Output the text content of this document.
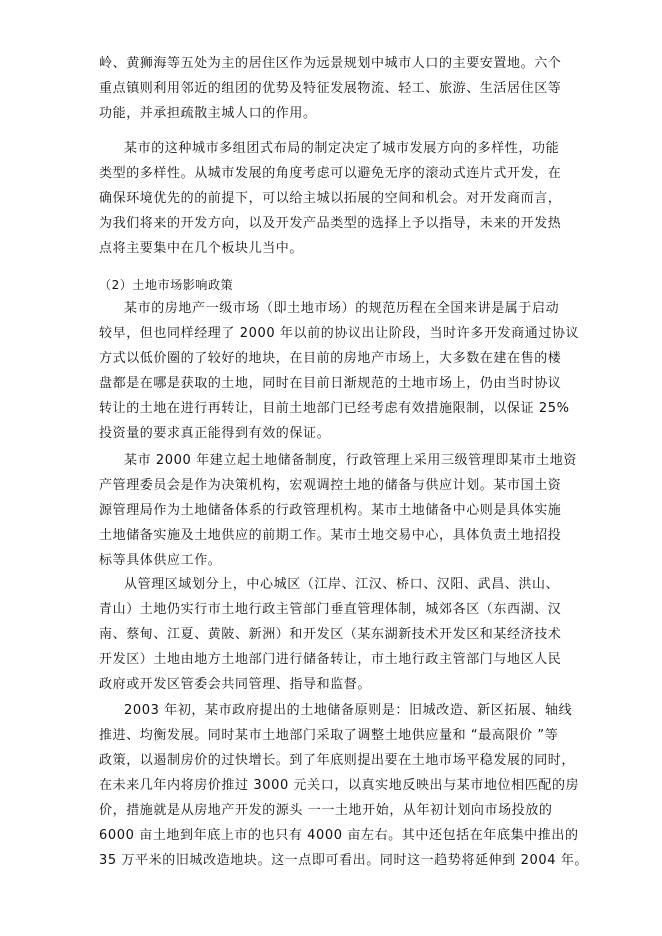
岭、黄狮海等五处为主的居住区作为远景规划中城市人口的主要安置地。六个
重点镇则利用邻近的组团的优势及特征发展物流、轻工、旅游、生活居住区等
功能，并承担疏散主城人口的作用。
某市的这种城市多组团式布局的制定决定了城市发展方向的多样性，功能
类型的多样性。从城市发展的角度考虑可以避免无序的滚动式连片式开发，在
确保环境优先的的前提下，可以给主城以拓展的空间和机会。对开发商而言，
为我们将来的开发方向，以及开发产品类型的选择上予以指导，未来的开发热
点将主要集中在几个板块儿当中。
（2）土地市场影响政策
某市的房地产一级市场（即土地市场）的规范历程在全国来讲是属于启动
较早，但也同样经理了 2000 年以前的协议出让阶段，当时许多开发商通过协议
方式以低价圈的了较好的地块，在目前的房地产市场上，大多数在建在售的楼
盘都是在哪是获取的土地，同时在目前日渐规范的土地市场上，仍由当时协议
转让的土地在进行再转让，目前土地部门已经考虑有效措施限制，以保证 25%
投资量的要求真正能得到有效的保证。
某市 2000 年建立起土地储备制度，行政管理上采用三级管理即某市土地资
产管理委员会是作为决策机构，宏观调控土地的储备与供应计划。某市国土资
源管理局作为土地储备体系的行政管理机构。某市土地储备中心则是具体实施
土地储备实施及土地供应的前期工作。某市土地交易中心，具体负责土地招投
标等具体供应工作。
从管理区域划分上，中心城区（江岸、江汉、桥口、汉阳、武昌、洪山、
青山）土地仍实行市土地行政主管部门垂直管理体制，城郊各区（东西湖、汉
南、蔡甸、江夏、黄陂、新洲）和开发区（某东湖新技术开发区和某经济技术
开发区）土地由地方土地部门进行储备转让，市土地行政主管部门与地区人民
政府或开发区管委会共同管理、指导和监督。
2003 年初，某市政府提出的土地储备原则是：旧城改造、新区拓展、轴线
推进、均衡发展。同时某市土地部门采取了调整土地供应量和 “最高限价 ”等
政策，以遏制房价的过快增长。到了年底则提出要在土地市场平稳发展的同时，
在未来几年内将房价推过 3000 元关口，以真实地反映出与某市地位相匹配的房
价，措施就是从房地产开发的源头 一一土地开始，从年初计划向市场投放的
6000 亩土地到年底上市的也只有 4000 亩左右。其中还包括在年底集中推出的
35 万平米的旧城改造地块。这一点即可看出。同时这一趋势将延伸到 2004 年。
